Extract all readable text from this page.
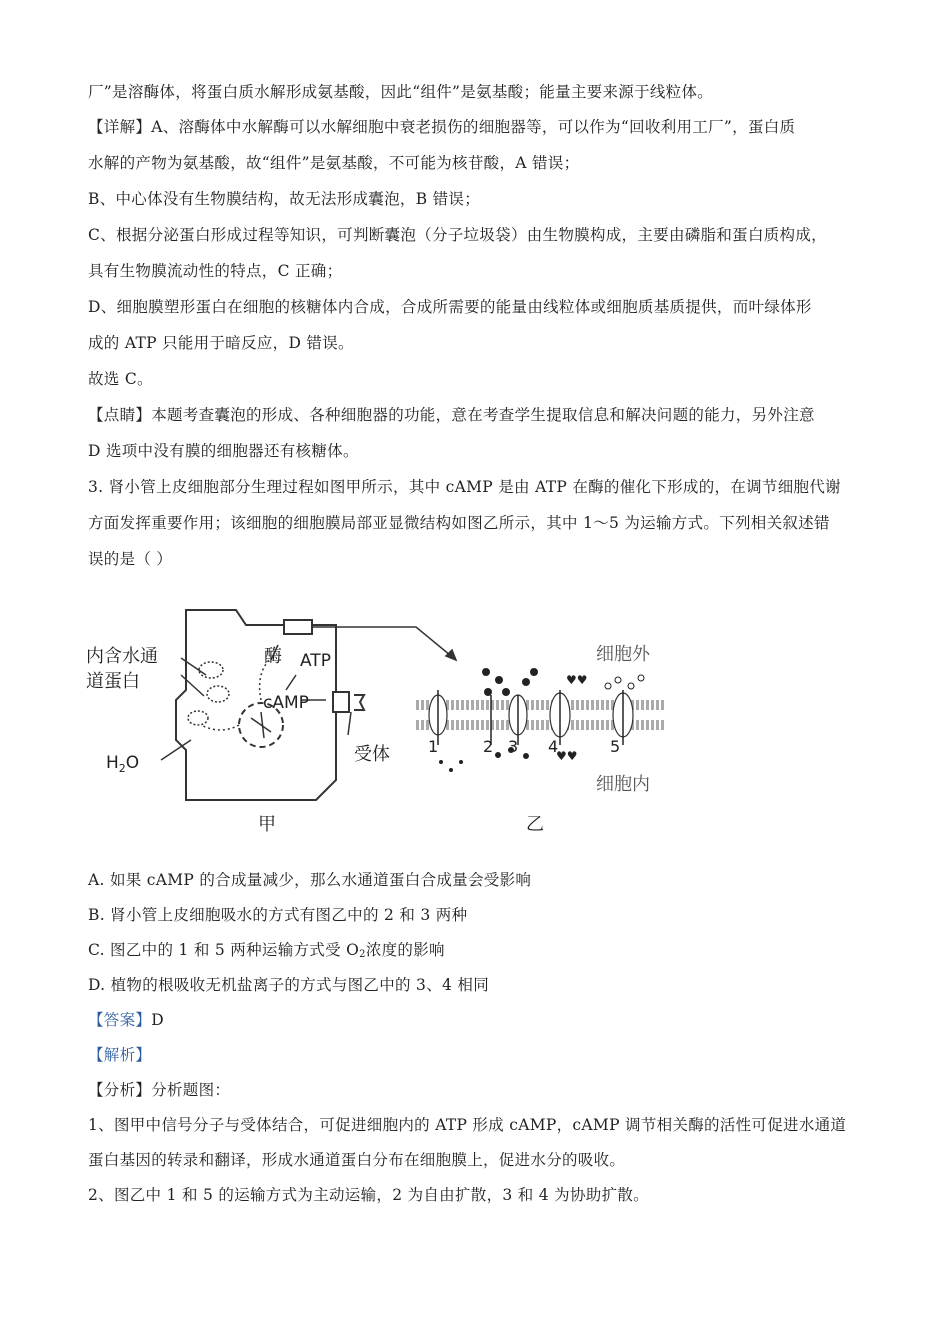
厂”是溶酶体，将蛋白质水解形成氨基酸，因此“组件”是氨基酸；能量主要来源于线粒体。
【详解】A、溶酶体中水解酶可以水解细胞中衰老损伤的细胞器等，可以作为“回收利用工厂”，蛋白质
水解的产物为氨基酸，故“组件”是氨基酸，不可能为核苷酸，A 错误；
B、中心体没有生物膜结构，故无法形成囊泡，B 错误；
C、根据分泌蛋白形成过程等知识，可判断囊泡（分子垃圾袋）由生物膜构成，主要由磷脂和蛋白质构成，
具有生物膜流动性的特点，C 正确；
D、细胞膜塑形蛋白在细胞的核糖体内合成，合成所需要的能量由线粒体或细胞质基质提供，而叶绿体形
成的 ATP 只能用于暗反应，D 错误。
故选 C。
【点睛】本题考查囊泡的形成、各种细胞器的功能，意在考查学生提取信息和解决问题的能力，另外注意
D 选项中没有膜的细胞器还有核糖体。
3. 肾小管上皮细胞部分生理过程如图甲所示，其中 cAMP 是由 ATP 在酶的催化下形成的，在调节细胞代谢
方面发挥重要作用；该细胞的细胞膜局部亚显微结构如图乙所示，其中 1～5 为运输方式。下列相关叙述错
误的是（ ）
内含水通
道蛋白
$H_2O$
酶 ATP
cAMP
受体
甲
♥♥
♥♥
1	2 3 4	5
细胞外
细胞内
乙
A. 如果 cAMP 的合成量减少，那么水通道蛋白合成量会受影响
B. 肾小管上皮细胞吸水的方式有图乙中的 2 和 3 两种
C. 图乙中的 1 和 5 两种运输方式受 $O_2$浓度的影响
D. 植物的根吸收无机盐离子的方式与图乙中的 3、4 相同
【答案】D
【解析】
【分析】分析题图：
1、图甲中信号分子与受体结合，可促进细胞内的 ATP 形成 cAMP，cAMP 调节相关酶的活性可促进水通道
蛋白基因的转录和翻译，形成水通道蛋白分布在细胞膜上，促进水分的吸收。
2、图乙中 1 和 5 的运输方式为主动运输，2 为自由扩散，3 和 4 为协助扩散。
